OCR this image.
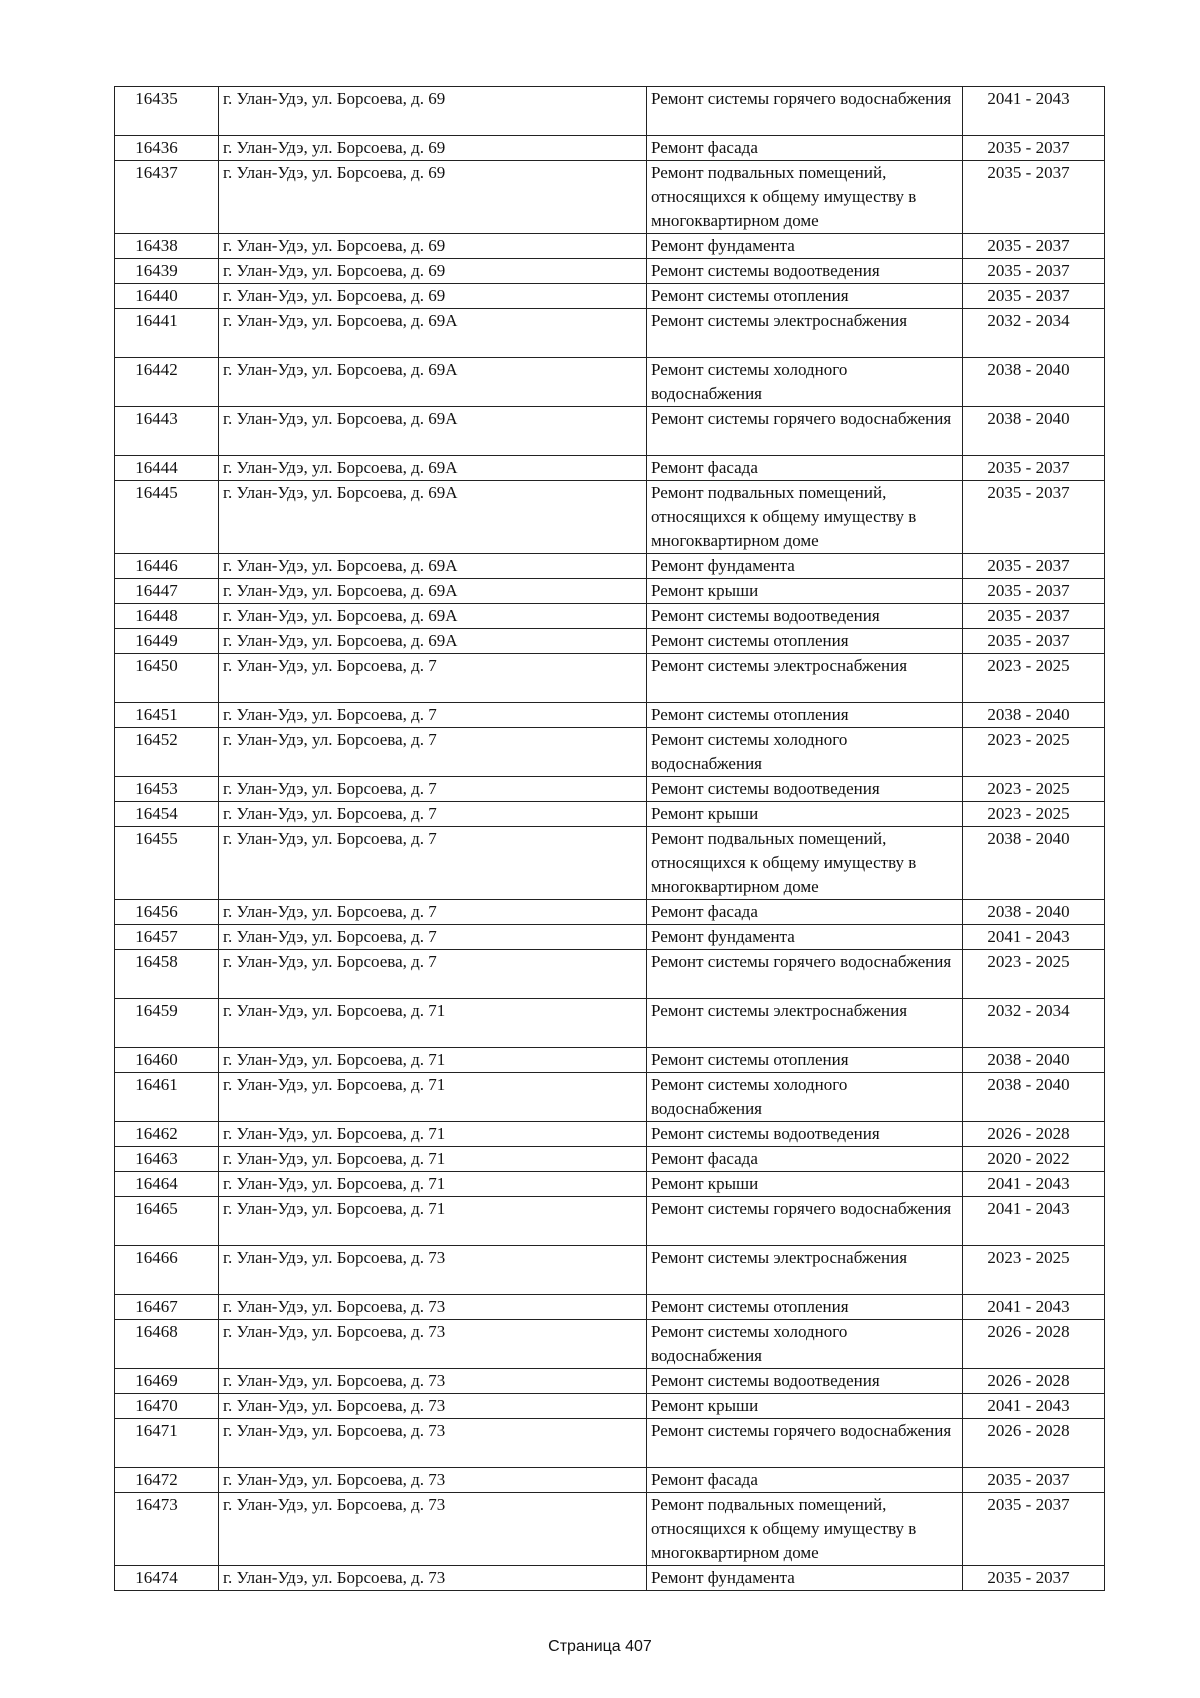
16435	г. Улан-Удэ, ул. Борсоева, д. 69	Ремонт системы горячего водоснабжения	2041 - 2043
16436	г. Улан-Удэ, ул. Борсоева, д. 69	Ремонт фасада	2035 - 2037
16437	г. Улан-Удэ, ул. Борсоева, д. 69	Ремонт подвальных помещений, относящихся к общему имуществу в многоквартирном доме	2035 - 2037
16438	г. Улан-Удэ, ул. Борсоева, д. 69	Ремонт фундамента	2035 - 2037
16439	г. Улан-Удэ, ул. Борсоева, д. 69	Ремонт системы водоотведения	2035 - 2037
16440	г. Улан-Удэ, ул. Борсоева, д. 69	Ремонт системы отопления	2035 - 2037
16441	г. Улан-Удэ, ул. Борсоева, д. 69А	Ремонт системы электроснабжения	2032 - 2034
16442	г. Улан-Удэ, ул. Борсоева, д. 69А	Ремонт системы холодного водоснабжения	2038 - 2040
16443	г. Улан-Удэ, ул. Борсоева, д. 69А	Ремонт системы горячего водоснабжения	2038 - 2040
16444	г. Улан-Удэ, ул. Борсоева, д. 69А	Ремонт фасада	2035 - 2037
16445	г. Улан-Удэ, ул. Борсоева, д. 69А	Ремонт подвальных помещений, относящихся к общему имуществу в многоквартирном доме	2035 - 2037
16446	г. Улан-Удэ, ул. Борсоева, д. 69А	Ремонт фундамента	2035 - 2037
16447	г. Улан-Удэ, ул. Борсоева, д. 69А	Ремонт крыши	2035 - 2037
16448	г. Улан-Удэ, ул. Борсоева, д. 69А	Ремонт системы водоотведения	2035 - 2037
16449	г. Улан-Удэ, ул. Борсоева, д. 69А	Ремонт системы отопления	2035 - 2037
16450	г. Улан-Удэ, ул. Борсоева, д. 7	Ремонт системы электроснабжения	2023 - 2025
16451	г. Улан-Удэ, ул. Борсоева, д. 7	Ремонт системы отопления	2038 - 2040
16452	г. Улан-Удэ, ул. Борсоева, д. 7	Ремонт системы холодного водоснабжения	2023 - 2025
16453	г. Улан-Удэ, ул. Борсоева, д. 7	Ремонт системы водоотведения	2023 - 2025
16454	г. Улан-Удэ, ул. Борсоева, д. 7	Ремонт крыши	2023 - 2025
16455	г. Улан-Удэ, ул. Борсоева, д. 7	Ремонт подвальных помещений, относящихся к общему имуществу в многоквартирном доме	2038 - 2040
16456	г. Улан-Удэ, ул. Борсоева, д. 7	Ремонт фасада	2038 - 2040
16457	г. Улан-Удэ, ул. Борсоева, д. 7	Ремонт фундамента	2041 - 2043
16458	г. Улан-Удэ, ул. Борсоева, д. 7	Ремонт системы горячего водоснабжения	2023 - 2025
16459	г. Улан-Удэ, ул. Борсоева, д. 71	Ремонт системы электроснабжения	2032 - 2034
16460	г. Улан-Удэ, ул. Борсоева, д. 71	Ремонт системы отопления	2038 - 2040
16461	г. Улан-Удэ, ул. Борсоева, д. 71	Ремонт системы холодного водоснабжения	2038 - 2040
16462	г. Улан-Удэ, ул. Борсоева, д. 71	Ремонт системы водоотведения	2026 - 2028
16463	г. Улан-Удэ, ул. Борсоева, д. 71	Ремонт фасада	2020 - 2022
16464	г. Улан-Удэ, ул. Борсоева, д. 71	Ремонт крыши	2041 - 2043
16465	г. Улан-Удэ, ул. Борсоева, д. 71	Ремонт системы горячего водоснабжения	2041 - 2043
16466	г. Улан-Удэ, ул. Борсоева, д. 73	Ремонт системы электроснабжения	2023 - 2025
16467	г. Улан-Удэ, ул. Борсоева, д. 73	Ремонт системы отопления	2041 - 2043
16468	г. Улан-Удэ, ул. Борсоева, д. 73	Ремонт системы холодного водоснабжения	2026 - 2028
16469	г. Улан-Удэ, ул. Борсоева, д. 73	Ремонт системы водоотведения	2026 - 2028
16470	г. Улан-Удэ, ул. Борсоева, д. 73	Ремонт крыши	2041 - 2043
16471	г. Улан-Удэ, ул. Борсоева, д. 73	Ремонт системы горячего водоснабжения	2026 - 2028
16472	г. Улан-Удэ, ул. Борсоева, д. 73	Ремонт фасада	2035 - 2037
16473	г. Улан-Удэ, ул. Борсоева, д. 73	Ремонт подвальных помещений, относящихся к общему имуществу в многоквартирном доме	2035 - 2037
16474	г. Улан-Удэ, ул. Борсоева, д. 73	Ремонт фундамента	2035 - 2037
Страница 407
